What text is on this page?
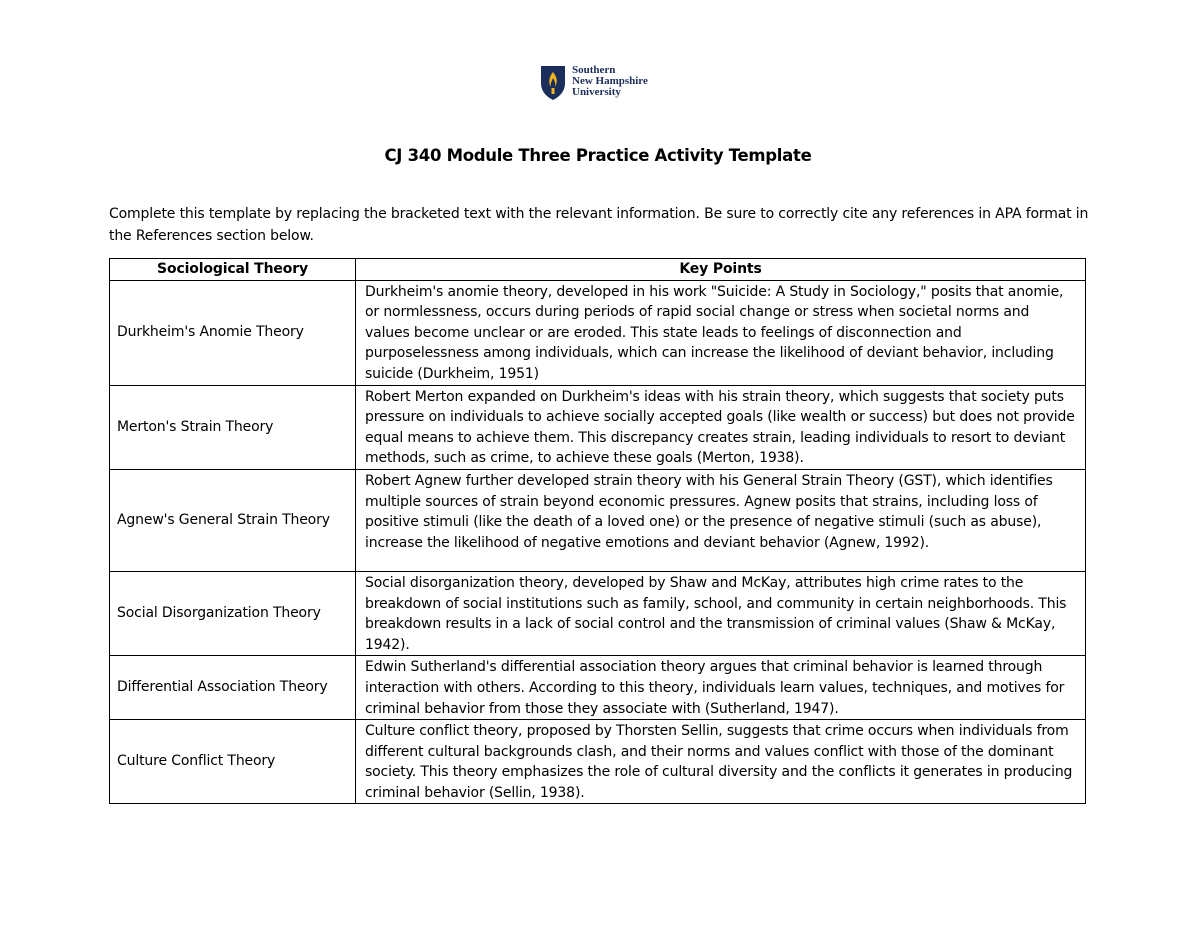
Southern
New Hampshire
University
CJ 340 Module Three Practice Activity Template
Complete this template by replacing the bracketed text with the relevant information. Be sure to correctly cite any references in APA format in the References section below.
Sociological Theory	Key Points
Durkheim's Anomie Theory	Durkheim's anomie theory, developed in his work "Suicide: A Study in Sociology," posits that anomie, or normlessness, occurs during periods of rapid social change or stress when societal norms and values become unclear or are eroded. This state leads to feelings of disconnection and purposelessness among individuals, which can increase the likelihood of deviant behavior, including suicide (Durkheim, 1951)
Merton's Strain Theory	Robert Merton expanded on Durkheim's ideas with his strain theory, which suggests that society puts pressure on individuals to achieve socially accepted goals (like wealth or success) but does not provide equal means to achieve them. This discrepancy creates strain, leading individuals to resort to deviant methods, such as crime, to achieve these goals (Merton, 1938).
Agnew's General Strain Theory	Robert Agnew further developed strain theory with his General Strain Theory (GST), which identifies multiple sources of strain beyond economic pressures. Agnew posits that strains, including loss of positive stimuli (like the death of a loved one) or the presence of negative stimuli (such as abuse), increase the likelihood of negative emotions and deviant behavior (Agnew, 1992).
Social Disorganization Theory	Social disorganization theory, developed by Shaw and McKay, attributes high crime rates to the breakdown of social institutions such as family, school, and community in certain neighborhoods. This breakdown results in a lack of social control and the transmission of criminal values (Shaw & McKay, 1942).
Differential Association Theory	Edwin Sutherland's differential association theory argues that criminal behavior is learned through interaction with others. According to this theory, individuals learn values, techniques, and motives for criminal behavior from those they associate with (Sutherland, 1947).
Culture Conflict Theory	Culture conflict theory, proposed by Thorsten Sellin, suggests that crime occurs when individuals from different cultural backgrounds clash, and their norms and values conflict with those of the dominant society. This theory emphasizes the role of cultural diversity and the conflicts it generates in producing criminal behavior (Sellin, 1938).
